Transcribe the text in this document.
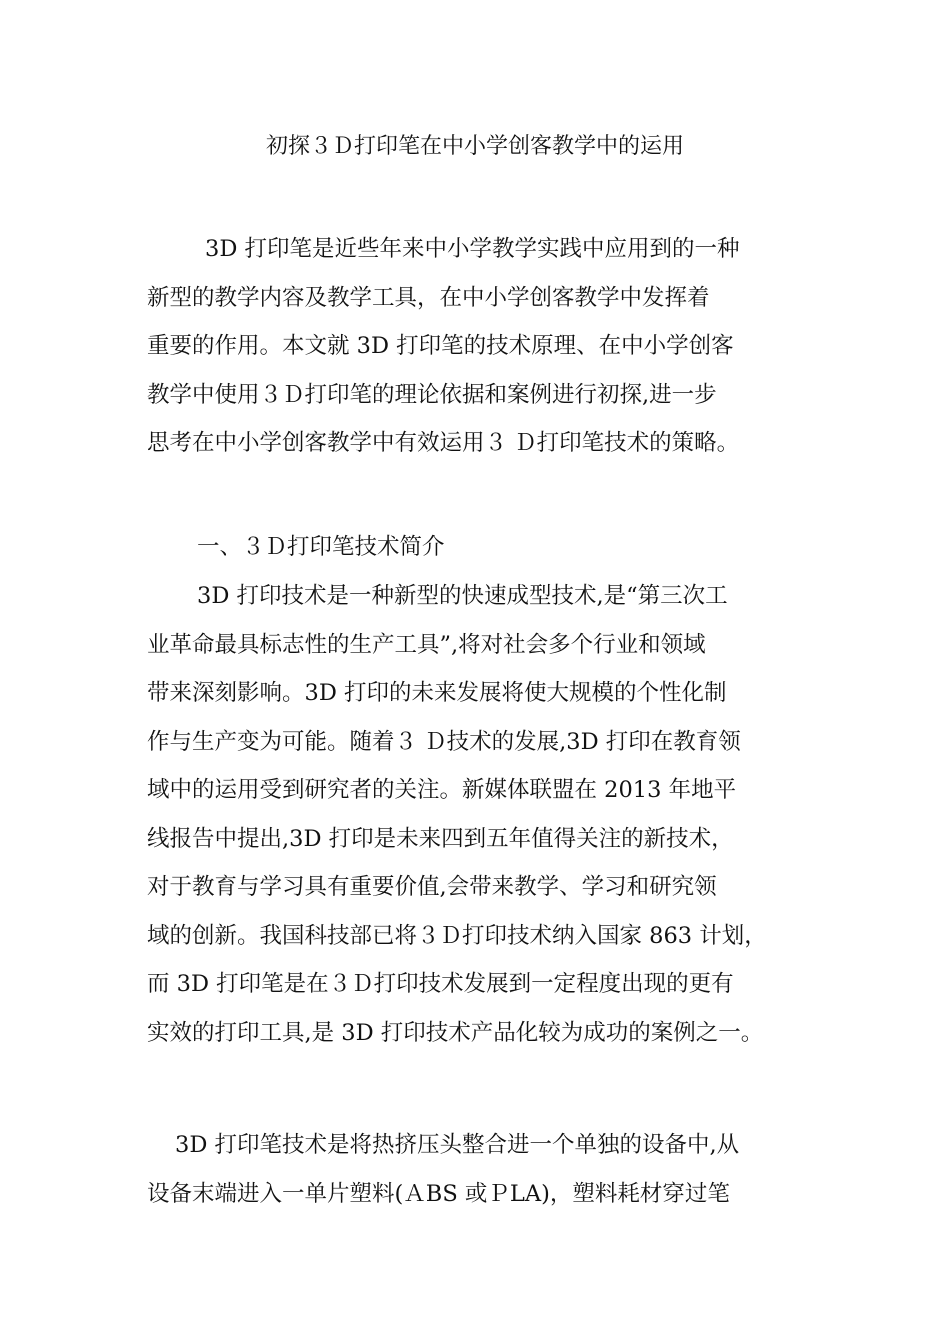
初探３Ｄ打印笔在中小学创客教学中的运用
3D 打印笔是近些年来中小学教学实践中应用到的一种
新型的教学内容及教学工具，在中小学创客教学中发挥着
重要的作用。本文就 3D 打印笔的技术原理、在中小学创客
教学中使用３Ｄ打印笔的理论依据和案例进行初探,进一步
思考在中小学创客教学中有效运用３ Ｄ打印笔技术的策略。
一、３Ｄ打印笔技术简介
3D 打印技术是一种新型的快速成型技术,是“第三次工
业革命最具标志性的生产工具”,将对社会多个行业和领域
带来深刻影响。3D 打印的未来发展将使大规模的个性化制
作与生产变为可能。随着３ Ｄ技术的发展,3D 打印在教育领
域中的运用受到研究者的关注。新媒体联盟在 2013 年地平
线报告中提出,3D 打印是未来四到五年值得关注的新技术，
对于教育与学习具有重要价值,会带来教学、学习和研究领
域的创新。我国科技部已将３Ｄ打印技术纳入国家 863 计划，
而 3D 打印笔是在３Ｄ打印技术发展到一定程度出现的更有
实效的打印工具,是 3D 打印技术产品化较为成功的案例之一。
3D 打印笔技术是将热挤压头整合进一个单独的设备中,从
设备末端进入一单片塑料(ＡBS 或ＰLA)，塑料耗材穿过笔
